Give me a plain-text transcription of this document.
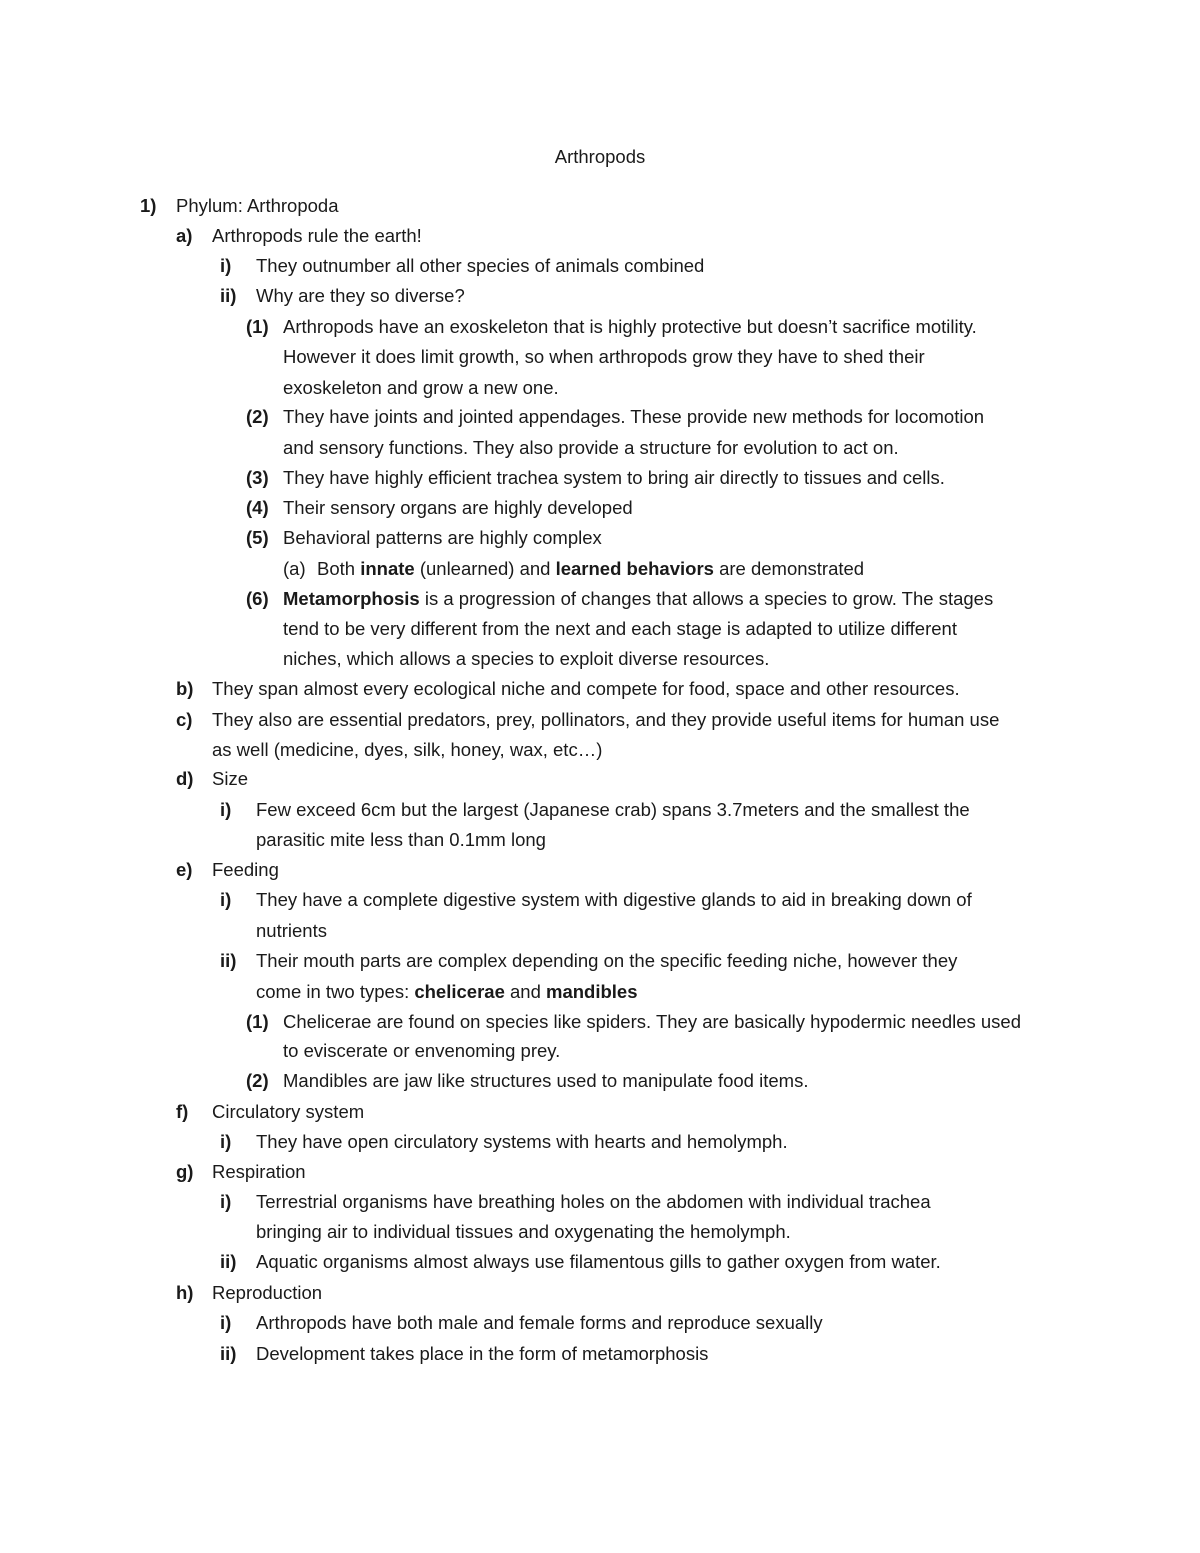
Arthropods
1) Phylum: Arthropoda
a) Arthropods rule the earth!
i) They outnumber all other species of animals combined
ii) Why are they so diverse?
(1) Arthropods have an exoskeleton that is highly protective but doesn’t sacrifice motility.
However it does limit growth, so when arthropods grow they have to shed their
exoskeleton and grow a new one.
(2) They have joints and jointed appendages. These provide new methods for locomotion
and sensory functions. They also provide a structure for evolution to act on.
(3) They have highly efficient trachea system to bring air directly to tissues and cells.
(4) Their sensory organs are highly developed
(5) Behavioral patterns are highly complex
(a) Both innate (unlearned) and learned behaviors are demonstrated
(6) Metamorphosis is a progression of changes that allows a species to grow. The stages
tend to be very different from the next and each stage is adapted to utilize different
niches, which allows a species to exploit diverse resources.
b) They span almost every ecological niche and compete for food, space and other resources.
c) They also are essential predators, prey, pollinators, and they provide useful items for human use
as well (medicine, dyes, silk, honey, wax, etc…)
d) Size
i) Few exceed 6cm but the largest (Japanese crab) spans 3.7meters and the smallest the
parasitic mite less than 0.1mm long
e) Feeding
i) They have a complete digestive system with digestive glands to aid in breaking down of
nutrients
ii) Their mouth parts are complex depending on the specific feeding niche, however they
come in two types: chelicerae and mandibles
(1) Chelicerae are found on species like spiders. They are basically hypodermic needles used
to eviscerate or envenoming prey.
(2) Mandibles are jaw like structures used to manipulate food items.
f) Circulatory system
i) They have open circulatory systems with hearts and hemolymph.
g) Respiration
i) Terrestrial organisms have breathing holes on the abdomen with individual trachea
bringing air to individual tissues and oxygenating the hemolymph.
ii) Aquatic organisms almost always use filamentous gills to gather oxygen from water.
h) Reproduction
i) Arthropods have both male and female forms and reproduce sexually
ii) Development takes place in the form of metamorphosis
